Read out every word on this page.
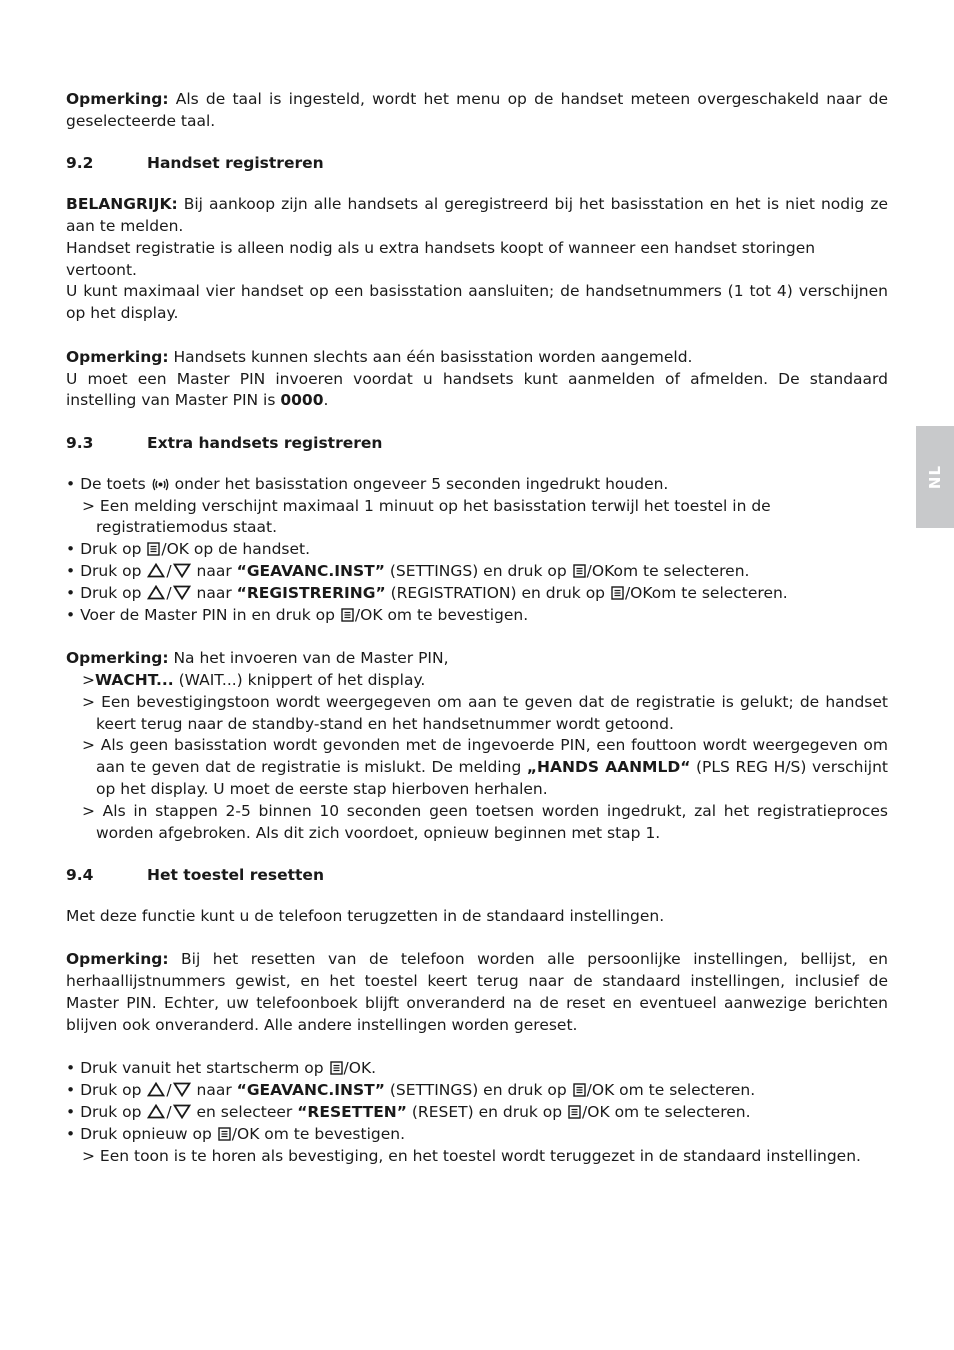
NL

Opmerking: Als de taal is ingesteld, wordt het menu op de handset meteen overgeschakeld naar de geselecteerde taal.

9.2	Handset registreren

BELANGRIJK: Bij aankoop zijn alle handsets al geregistreerd bij het basisstation en het is niet nodig ze aan te melden.

Handset registratie is alleen nodig als u extra handsets koopt of wanneer een handset storingen vertoont.

U kunt maximaal vier handset op een basisstation aansluiten; de handsetnummers (1 tot 4) verschijnen op het display.

Opmerking: Handsets kunnen slechts aan één basisstation worden aangemeld.

U moet een Master PIN invoeren voordat u handsets kunt aanmelden of afmelden. De standaard instelling van Master PIN is 0000.

9.3	Extra handsets registreren

• De toets  onder het basisstation ongeveer 5 seconden ingedrukt houden.

> Een melding verschijnt maximaal 1 minuut op het basisstation terwijl het toestel in de registratiemodus staat.

• Druk op /OK op de handset.

• Druk op / naar “GEAVANC.INST” (SETTINGS) en druk op /OKom te selecteren.

• Druk op / naar “REGISTRERING” (REGISTRATION) en druk op /OKom te selecteren.

• Voer de Master PIN in en druk op /OK om te bevestigen.

Opmerking: Na het invoeren van de Master PIN,

>WACHT... (WAIT...) knippert of het display.

> Een bevestigingstoon wordt weergegeven om aan te geven dat de registratie is gelukt; de handset keert terug naar de standby-stand en het handsetnummer wordt getoond.

> Als geen basisstation wordt gevonden met de ingevoerde PIN, een fouttoon wordt weergegeven om aan te geven dat de registratie is mislukt. De melding „HANDS AANMLD“ (PLS REG H/S) verschijnt op het display. U moet de eerste stap hierboven herhalen.

> Als in stappen 2-5 binnen 10 seconden geen toetsen worden ingedrukt, zal het registratieproces worden afgebroken. Als dit zich voordoet, opnieuw beginnen met stap 1.

9.4	Het toestel resetten

Met deze functie kunt u de telefoon terugzetten in de standaard instellingen.

Opmerking: Bij het resetten van de telefoon worden alle persoonlijke instellingen, bellijst, en herhaallijstnummers gewist, en het toestel keert terug naar de standaard instellingen, inclusief de Master PIN. Echter, uw telefoonboek blijft onveranderd na de reset en eventueel aanwezige berichten blijven ook onveranderd. Alle andere instellingen worden gereset.

• Druk vanuit het startscherm op /OK.

• Druk op / naar “GEAVANC.INST” (SETTINGS) en druk op /OK om te selecteren.

• Druk op / en selecteer “RESETTEN” (RESET) en druk op /OK om te selecteren.

• Druk opnieuw op /OK om te bevestigen.

> Een toon is te horen als bevestiging, en het toestel wordt teruggezet in de standaard instellingen.
